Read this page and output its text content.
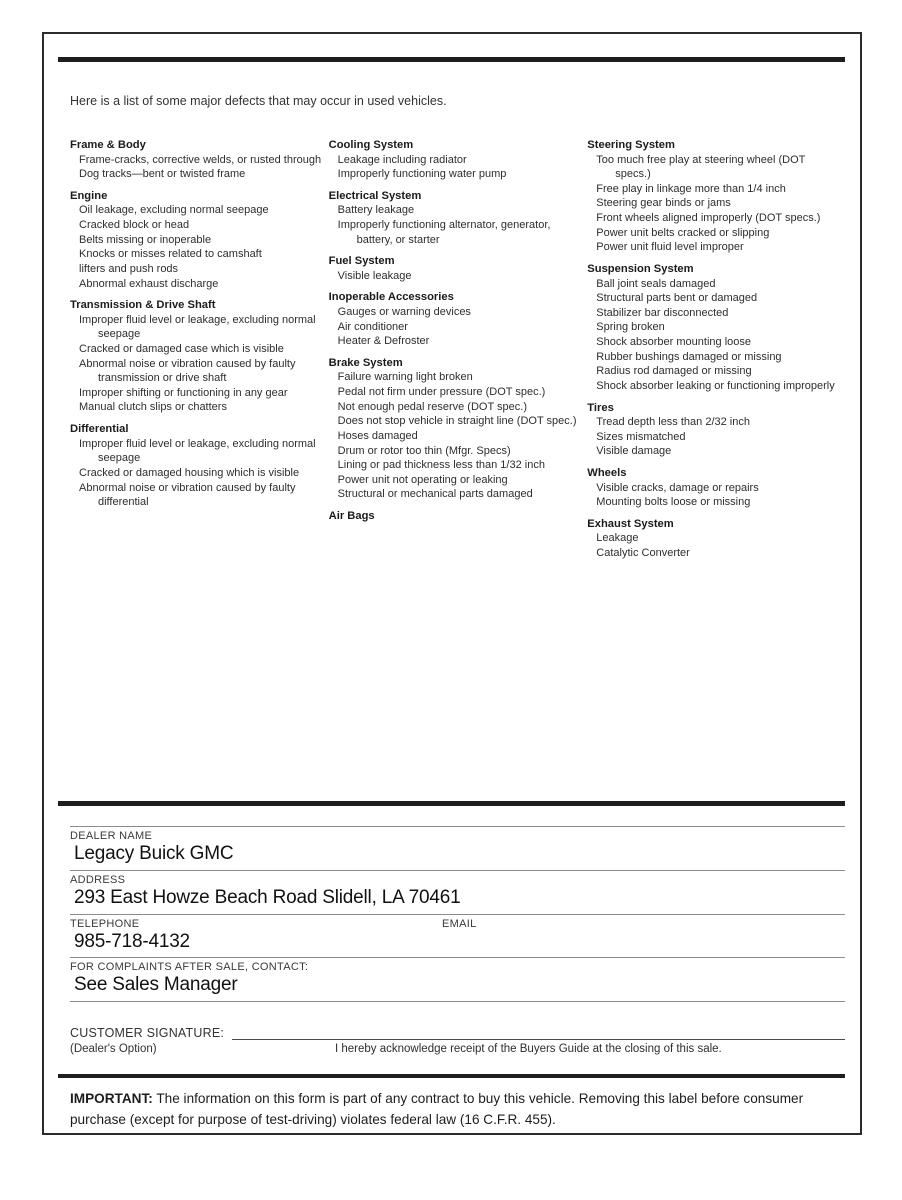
Here is a list of some major defects that may occur in used vehicles.
Frame & Body
Frame-cracks, corrective welds, or rusted through
Dog tracks—bent or twisted frame
Engine
Oil leakage, excluding normal seepage
Cracked block or head
Belts missing or inoperable
Knocks or misses related to camshaft
lifters and push rods
Abnormal exhaust discharge
Transmission & Drive Shaft
Improper fluid level or leakage, excluding normal seepage
Cracked or damaged case which is visible
Abnormal noise or vibration caused by faulty transmission or drive shaft
Improper shifting or functioning in any gear
Manual clutch slips or chatters
Differential
Improper fluid level or leakage, excluding normal seepage
Cracked or damaged housing which is visible
Abnormal noise or vibration caused by faulty differential
Cooling System
Leakage including radiator
Improperly functioning water pump
Electrical System
Battery leakage
Improperly functioning alternator, generator, battery, or starter
Fuel System
Visible leakage
Inoperable Accessories
Gauges or warning devices
Air conditioner
Heater & Defroster
Brake System
Failure warning light broken
Pedal not firm under pressure (DOT spec.)
Not enough pedal reserve (DOT spec.)
Does not stop vehicle in straight line (DOT spec.)
Hoses damaged
Drum or rotor too thin (Mfgr. Specs)
Lining or pad thickness less than 1/32 inch
Power unit not operating or leaking
Structural or mechanical parts damaged
Air Bags
Steering System
Too much free play at steering wheel (DOT specs.)
Free play in linkage more than 1/4 inch
Steering gear binds or jams
Front wheels aligned improperly (DOT specs.)
Power unit belts cracked or slipping
Power unit fluid level improper
Suspension System
Ball joint seals damaged
Structural parts bent or damaged
Stabilizer bar disconnected
Spring broken
Shock absorber mounting loose
Rubber bushings damaged or missing
Radius rod damaged or missing
Shock absorber leaking or functioning improperly
Tires
Tread depth less than 2/32 inch
Sizes mismatched
Visible damage
Wheels
Visible cracks, damage or repairs
Mounting bolts loose or missing
Exhaust System
Leakage
Catalytic Converter
DEALER NAME
Legacy Buick GMC
ADDRESS
293 East Howze Beach Road Slidell, LA 70461
TELEPHONE
985-718-4132
EMAIL
FOR COMPLAINTS AFTER SALE, CONTACT:
See Sales Manager
CUSTOMER SIGNATURE:
(Dealer's Option)	I hereby acknowledge receipt of the Buyers Guide at the closing of this sale.
IMPORTANT: The information on this form is part of any contract to buy this vehicle. Removing this label before consumer purchase (except for purpose of test-driving) violates federal law (16 C.F.R. 455).
